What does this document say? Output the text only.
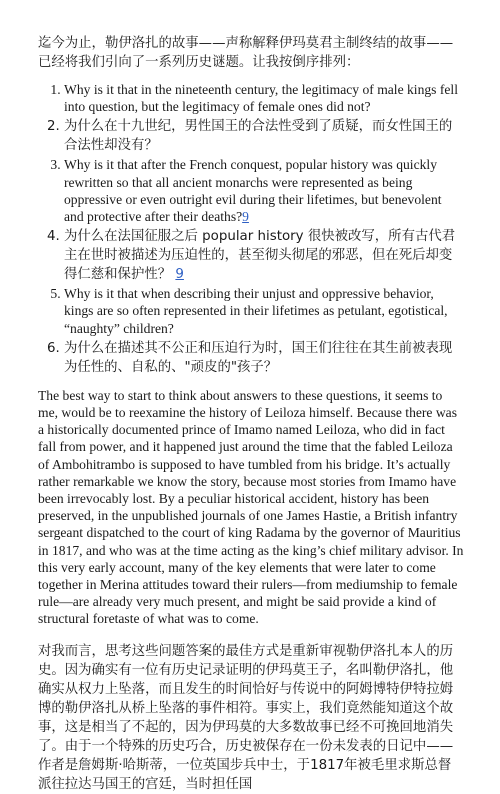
迄今为止，勒伊洛扎的故事——声称解释伊玛莫君主制终结的故事——已经将我们引向了一系列历史谜题。让我按倒序排列：

1. Why is it that in the nineteenth century, the legitimacy of male kings fell into question, but the legitimacy of female ones did not?
2. 为什么在十九世纪，男性国王的合法性受到了质疑，而女性国王的合法性却没有？
3. Why is it that after the French conquest, popular history was quickly rewritten so that all ancient monarchs were represented as being oppressive or even outright evil during their lifetimes, but benevolent and protective after their deaths?9
4. 为什么在法国征服之后 popular history 很快被改写，所有古代君主在世时被描述为压迫性的，甚至彻头彻尾的邪恶，但在死后却变得仁慈和保护性？ 9
5. Why is it that when describing their unjust and oppressive behavior, kings are so often represented in their lifetimes as petulant, egotistical, “naughty” children?
6. 为什么在描述其不公正和压迫行为时，国王们往往在其生前被表现为任性的、自私的、"顽皮的"孩子？

The best way to start to think about answers to these questions, it seems to me, would be to reexamine the history of Leiloza himself. Because there was a historically documented prince of Imamo named Leiloza, who did in fact fall from power, and it happened just around the time that the fabled Leiloza of Ambohitrambo is supposed to have tumbled from his bridge. It’s actually rather remarkable we know the story, because most stories from Imamo have been irrevocably lost. By a peculiar historical accident, history has been preserved, in the unpublished journals of one James Hastie, a British infantry sergeant dispatched to the court of king Radama by the governor of Mauritius in 1817, and who was at the time acting as the king’s chief military advisor. In this very early account, many of the key elements that were later to come together in Merina attitudes toward their rulers—from mediumship to female rule—are already very much present, and might be said provide a kind of structural foretaste of what was to come.

对我而言，思考这些问题答案的最佳方式是重新审视勒伊洛扎本人的历史。因为确实有一位有历史记录证明的伊玛莫王子，名叫勒伊洛扎，他确实从权力上坠落，而且发生的时间恰好与传说中的阿姆博特伊特拉姆博的勒伊洛扎从桥上坠落的事件相符。事实上，我们竟然能知道这个故事，这是相当了不起的，因为伊玛莫的大多数故事已经不可挽回地消失了。由于一个特殊的历史巧合，历史被保存在一份未发表的日记中——作者是詹姆斯·哈斯蒂，一位英国步兵中士，于1817年被毛里求斯总督派往拉达马国王的宫廷，当时担任国
